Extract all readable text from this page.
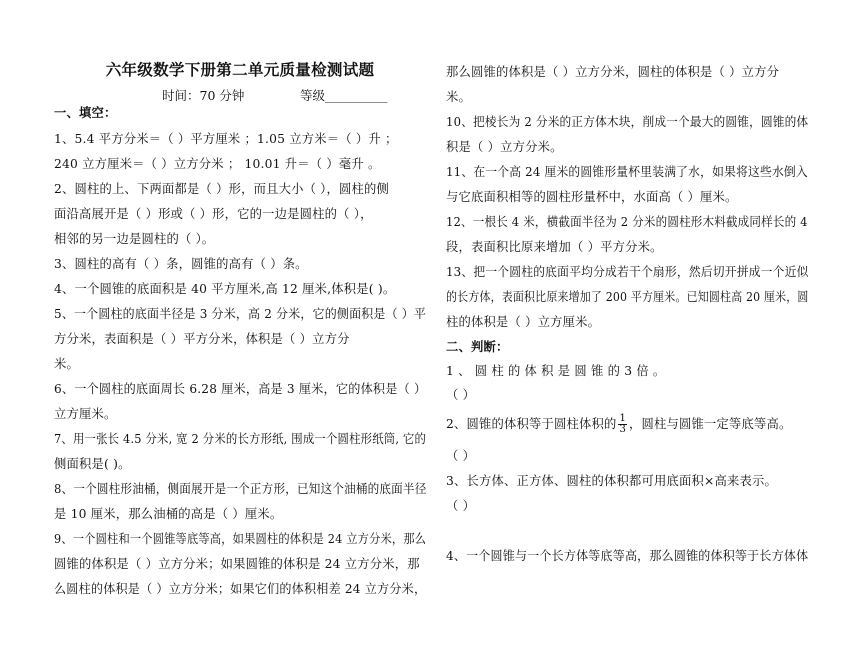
六年级数学下册第二单元质量检测试题
时间：70 分钟	等级__________
一、填空：
1、5.4 平方分米＝（ ）平方厘米 ；1.05 立方米＝（ ）升 ；
240 立方厘米＝（ ）立方分米 ； 10.01 升＝（ ）毫升 。
2、圆柱的上、下两面都是（ ）形，而且大小（ ），圆柱的侧
面沿高展开是（ ）形或（ ）形，它的一边是圆柱的（ ），
相邻的另一边是圆柱的（ ）。
3、圆柱的高有（ ）条，圆锥的高有（ ）条。
4、一个圆锥的底面积是 40 平方厘米,高 12 厘米,体积是( )。
5、一个圆柱的底面半径是 3 分米，高 2 分米，它的侧面积是（ ）平
方分米，表面积是（ ）平方分米，体积是（ ）立方分
米。
6、一个圆柱的底面周长 6.28 厘米，高是 3 厘米，它的体积是（ ）
立方厘米。
7、用一张长 4.5 分米, 宽 2 分米的长方形纸, 围成一个圆柱形纸筒, 它的
侧面积是( )。
8、一个圆柱形油桶，侧面展开是一个正方形，已知这个油桶的底面半径
是 10 厘米，那么油桶的高是（ ）厘米。
9、一个圆柱和一个圆锥等底等高，如果圆柱的体积是 24 立方分米，那么
圆锥的体积是（ ）立方分米；如果圆锥的体积是 24 立方分米，那
么圆柱的体积是（ ）立方分米；如果它们的体积相差 24 立方分米，
那么圆锥的体积是（ ）立方分米，圆柱的体积是（ ）立方分
米。
10、把棱长为 2 分米的正方体木块，削成一个最大的圆锥，圆锥的体
积是（ ）立方分米。
11、在一个高 24 厘米的圆锥形量杯里装满了水，如果将这些水倒入
与它底面积相等的圆柱形量杯中，水面高（ ）厘米。
12、一根长 4 米，横截面半径为 2 分米的圆柱形木料截成同样长的 4
段，表面积比原来增加（ ）平方分米。
13、把一个圆柱的底面平均分成若干个扇形，然后切开拼成一个近似
的长方体，表面积比原来增加了 200 平方厘米。已知圆柱高 20 厘米，圆
柱的体积是（ ）立方厘米。
二、判断：
1 、 圆 柱 的 体 积 是 圆 锥 的 3 倍 。
（ ）
2、圆锥的体积等于圆柱体积的 $\frac{1}{3}$ ，圆柱与圆锥一定等底等高。
（ ）
3、长方体、正方体、圆柱的体积都可用底面积×高来表示。
（ ）
4、一个圆锥与一个长方体等底等高，那么圆锥的体积等于长方体体
